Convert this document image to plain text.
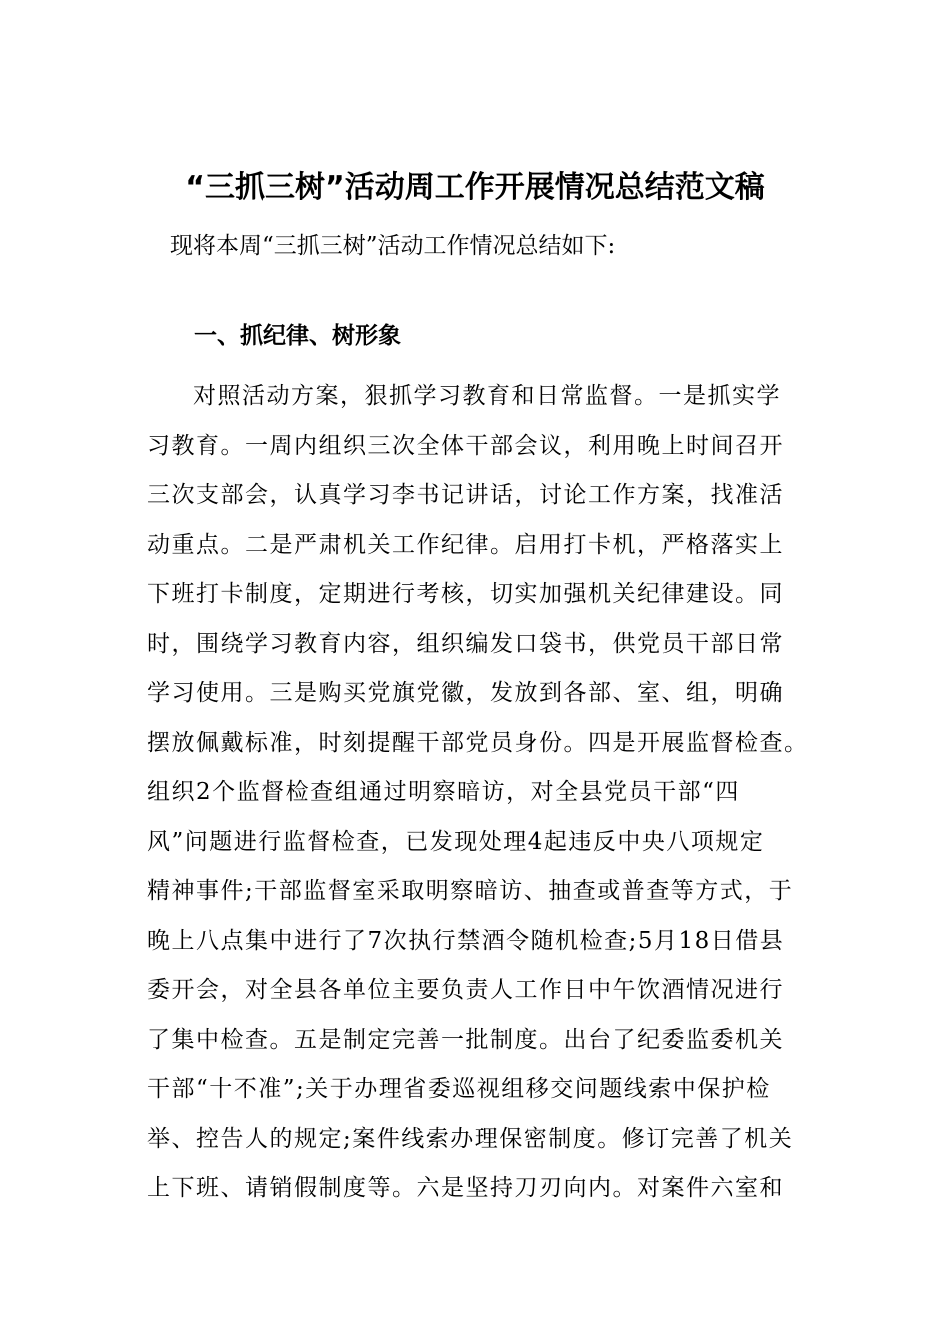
“三抓三树”活动周工作开展情况总结范文稿

现将本周“三抓三树”活动工作情况总结如下:

一、抓纪律、树形象
对照活动方案，狠抓学习教育和日常监督。一是抓实学
习教育。一周内组织三次全体干部会议，利用晚上时间召开
三次支部会，认真学习李书记讲话，讨论工作方案，找准活
动重点。二是严肃机关工作纪律。启用打卡机，严格落实上
下班打卡制度，定期进行考核，切实加强机关纪律建设。同
时，围绕学习教育内容，组织编发口袋书，供党员干部日常
学习使用。三是购买党旗党徽，发放到各部、室、组，明确
摆放佩戴标准，时刻提醒干部党员身份。四是开展监督检查。
组织2个监督检查组通过明察暗访，对全县党员干部“四
风”问题进行监督检查，已发现处理4起违反中央八项规定
精神事件;干部监督室采取明察暗访、抽查或普查等方式，于
晚上八点集中进行了7次执行禁酒令随机检查;5月18日借县
委开会，对全县各单位主要负责人工作日中午饮酒情况进行
了集中检查。五是制定完善一批制度。出台了纪委监委机关
干部“十不准”;关于办理省委巡视组移交问题线索中保护检
举、控告人的规定;案件线索办理保密制度。修订完善了机关
上下班、请销假制度等。六是坚持刀刃向内。对案件六室和
